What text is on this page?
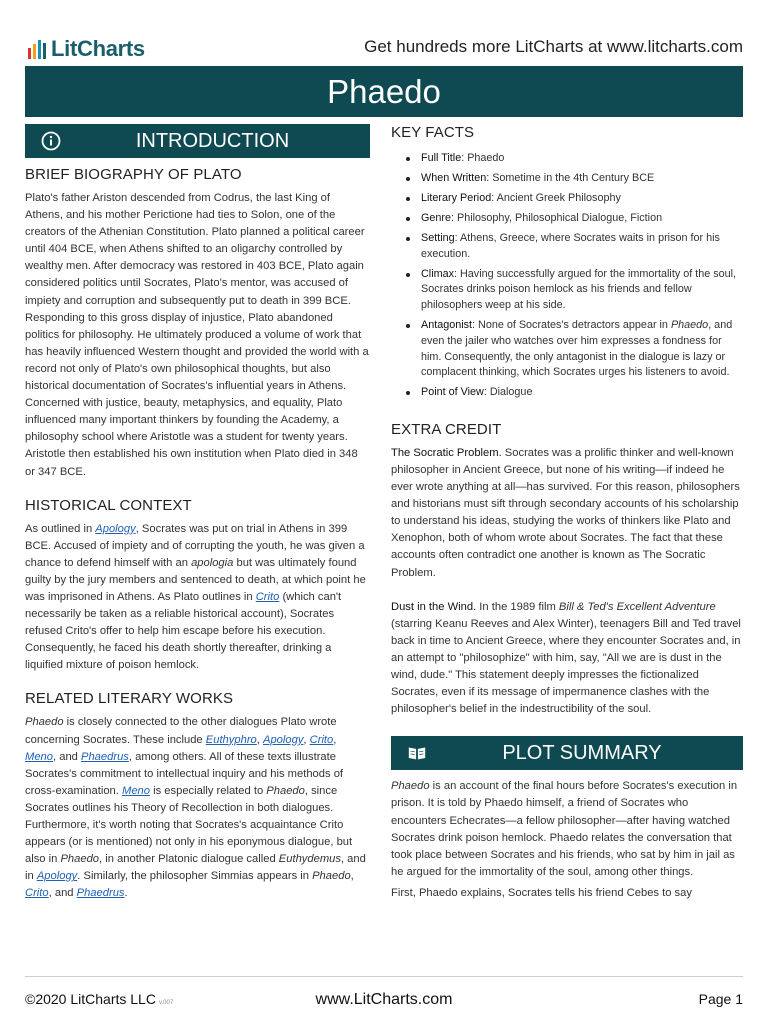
LitCharts	Get hundreds more LitCharts at www.litcharts.com
Phaedo
INTRODUCTION
BRIEF BIOGRAPHY OF PLATO

Plato's father Ariston descended from Codrus, the last King of Athens, and his mother Perictione had ties to Solon, one of the creators of the Athenian Constitution. Plato planned a political career until 404 BCE, when Athens shifted to an oligarchy controlled by wealthy men. After democracy was restored in 403 BCE, Plato again considered politics until Socrates, Plato's mentor, was accused of impiety and corruption and subsequently put to death in 399 BCE. Responding to this gross display of injustice, Plato abandoned politics for philosophy. He ultimately produced a volume of work that has heavily influenced Western thought and provided the world with a record not only of Plato's own philosophical thoughts, but also historical documentation of Socrates's influential years in Athens. Concerned with justice, beauty, metaphysics, and equality, Plato influenced many important thinkers by founding the Academy, a philosophy school where Aristotle was a student for twenty years. Aristotle then established his own institution when Plato died in 348 or 347 BCE.

HISTORICAL CONTEXT

As outlined in Apology, Socrates was put on trial in Athens in 399 BCE. Accused of impiety and of corrupting the youth, he was given a chance to defend himself with an apologia but was ultimately found guilty by the jury members and sentenced to death, at which point he was imprisoned in Athens. As Plato outlines in Crito (which can't necessarily be taken as a reliable historical account), Socrates refused Crito's offer to help him escape before his execution. Consequently, he faced his death shortly thereafter, drinking a liquified mixture of poison hemlock.

RELATED LITERARY WORKS

Phaedo is closely connected to the other dialogues Plato wrote concerning Socrates. These include Euthyphro, Apology, Crito, Meno, and Phaedrus, among others. All of these texts illustrate Socrates's commitment to intellectual inquiry and his methods of cross-examination. Meno is especially related to Phaedo, since Socrates outlines his Theory of Recollection in both dialogues. Furthermore, it's worth noting that Socrates's acquaintance Crito appears (or is mentioned) not only in his eponymous dialogue, but also in Phaedo, in another Platonic dialogue called Euthydemus, and in Apology. Similarly, the philosopher Simmias appears in Phaedo, Crito, and Phaedrus.

KEY FACTS
Full Title: Phaedo
When Written: Sometime in the 4th Century BCE
Literary Period: Ancient Greek Philosophy
Genre: Philosophy, Philosophical Dialogue, Fiction
Setting: Athens, Greece, where Socrates waits in prison for his execution.
Climax: Having successfully argued for the immortality of the soul, Socrates drinks poison hemlock as his friends and fellow philosophers weep at his side.
Antagonist: None of Socrates's detractors appear in Phaedo, and even the jailer who watches over him expresses a fondness for him. Consequently, the only antagonist in the dialogue is lazy or complacent thinking, which Socrates urges his listeners to avoid.
Point of View: Dialogue
EXTRA CREDIT

The Socratic Problem. Socrates was a prolific thinker and well-known philosopher in Ancient Greece, but none of his writing—if indeed he ever wrote anything at all—has survived. For this reason, philosophers and historians must sift through secondary accounts of his scholarship to understand his ideas, studying the works of thinkers like Plato and Xenophon, both of whom wrote about Socrates. The fact that these accounts often contradict one another is known as The Socratic Problem.

Dust in the Wind. In the 1989 film Bill & Ted's Excellent Adventure (starring Keanu Reeves and Alex Winter), teenagers Bill and Ted travel back in time to Ancient Greece, where they encounter Socrates and, in an attempt to "philosophize" with him, say, "All we are is dust in the wind, dude." This statement deeply impresses the fictionalized Socrates, even if its message of impermanence clashes with the philosopher's belief in the indestructibility of the soul.

PLOT SUMMARY

Phaedo is an account of the final hours before Socrates's execution in prison. It is told by Phaedo himself, a friend of Socrates who encounters Echecrates—a fellow philosopher—after having watched Socrates drink poison hemlock. Phaedo relates the conversation that took place between Socrates and his friends, who sat by him in jail as he argued for the immortality of the soul, among other things.

First, Phaedo explains, Socrates tells his friend Cebes to say

©2020 LitCharts LLC v.007	www.LitCharts.com	Page 1
